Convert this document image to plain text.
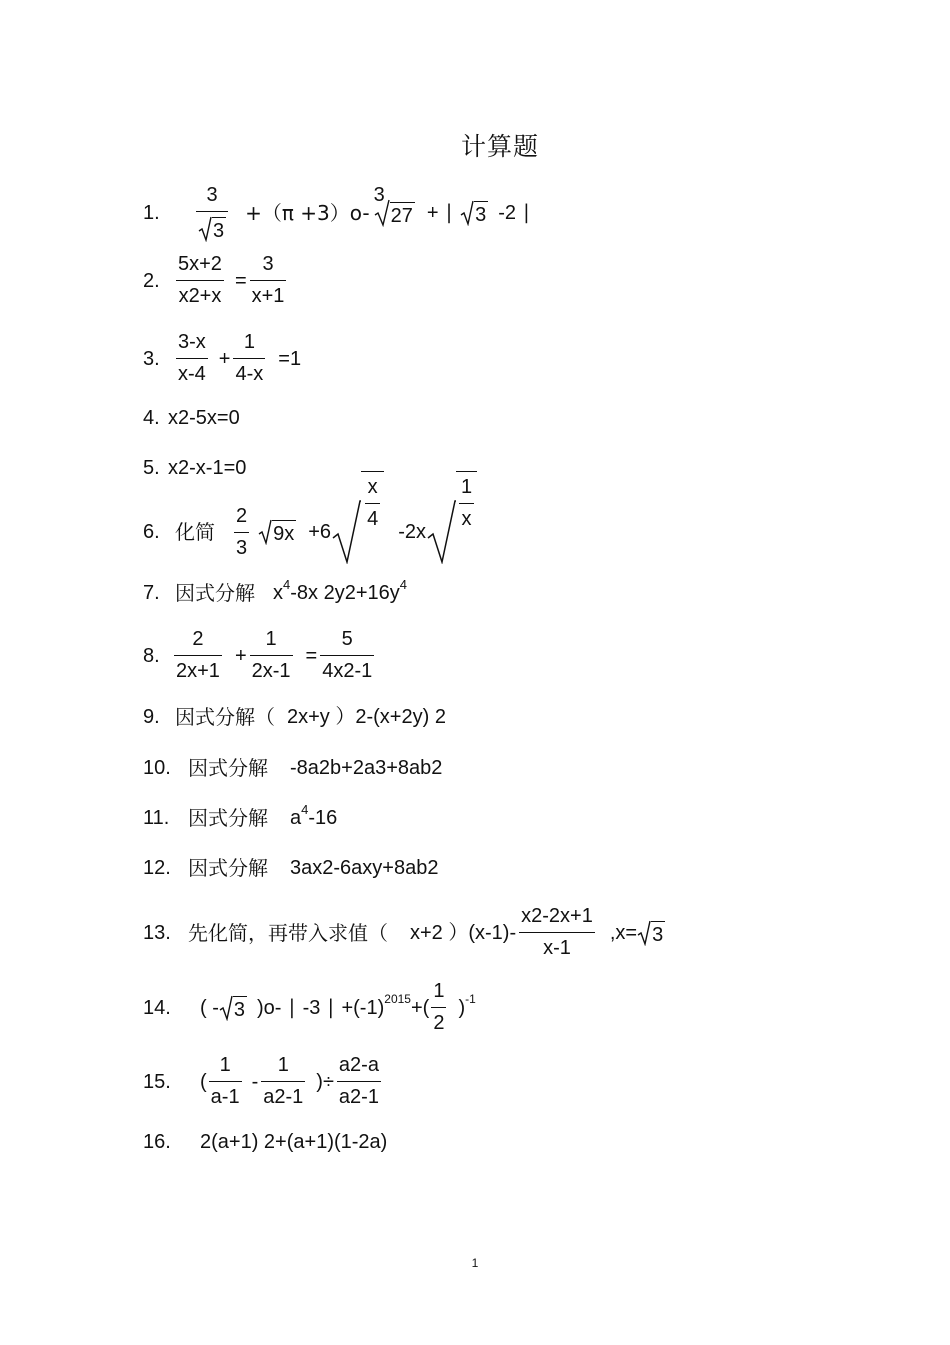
计算题
1.	$\frac{3}{3} +(\pi +3)o-$
3
27 + ∣ 3 -2 ∣
2. $\frac{5x+2}{x2+x} = \frac{3}{x+1}$
3. $\frac{3-x}{x-4} + \frac{1}{4-x} =1$
4. x2-5x=0
5. x2-x-1=0
6. 化简 $\frac{2}{3} 9x +6$
$\frac{x}{4}$
-2x
$\frac{1}{x}$
7. 因式分解 x 4 -8x 2y2+16y 4
8. $\frac{2}{2x+1} + \frac{1}{2x-1} = \frac{5}{4x2-1}$
9. 因式分解（ 2x+y ）2-(x+2y) 2
10. 因式分解 -8a2b+2a3+8ab2
11. 因式分解 a 4 -16
12. 因式分解 3ax2-6axy+8ab2
13. 先化简，再带入求值（ x+2 ）$(x-1)- \frac{x2-2x+1}{x-1} ,x= 3$
14.	( - 3 )o- ∣ -3 ∣ +(-1) 2015 +( $\frac{1}{2}$ ) -1
15.	( $\frac{1}{a-1} - \frac{1}{a2-1}$ )÷ $\frac{a2-a}{a2-1}$
16.	2(a+1) 2+(a+1)(1-2a)
1
